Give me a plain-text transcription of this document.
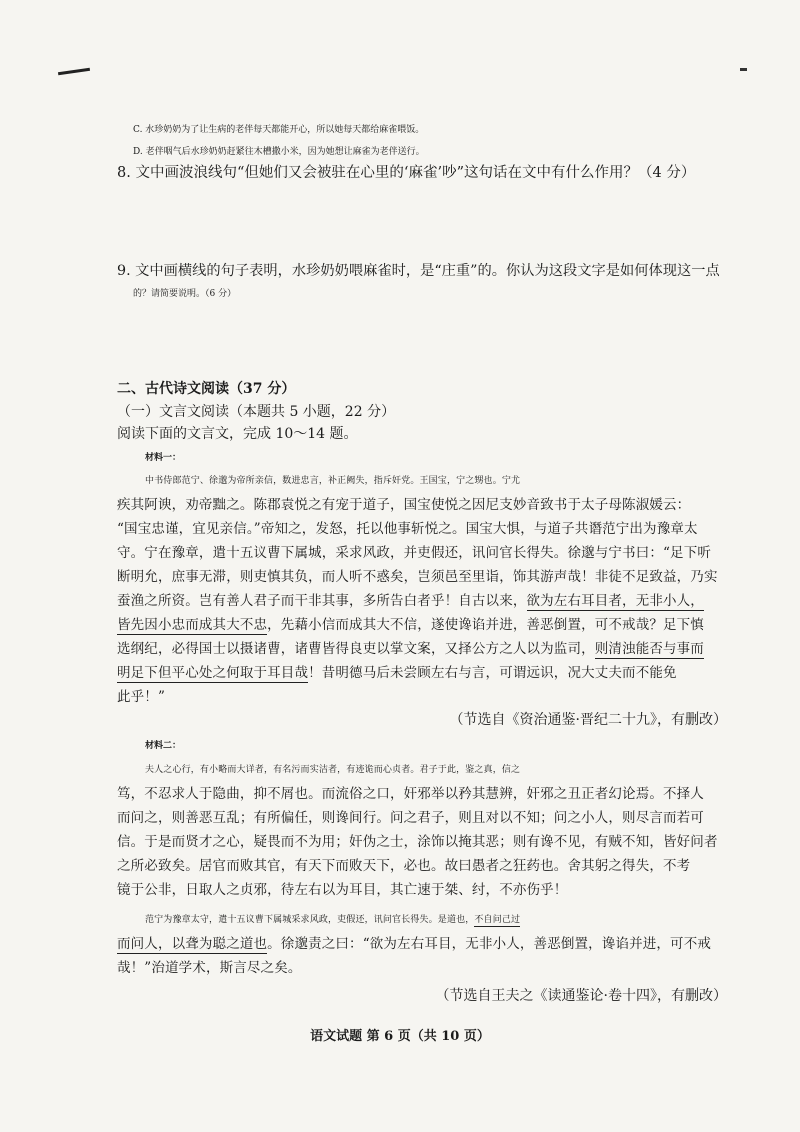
C. 水珍奶奶为了让生病的老伴每天都能开心，所以她每天都给麻雀喂饭。
D. 老伴咽气后水珍奶奶赶紧往木槽撒小米，因为她想让麻雀为老伴送行。
8. 文中画波浪线句“但她们又会被驻在心里的‘麻雀’吵”这句话在文中有什么作用？（4 分）
9. 文中画横线的句子表明，水珍奶奶喂麻雀时，是“庄重”的。你认为这段文字是如何体现这一点
的？请简要说明。（6 分）
二、古代诗文阅读（37 分）
（一）文言文阅读（本题共 5 小题，22 分）
阅读下面的文言文，完成 10～14 题。
材料一：
中书侍郎范宁、徐邈为帝所亲信，数进忠言，补正阙失，指斥奸党。王国宝，宁之甥也。宁尤
疾其阿谀，劝帝黜之。陈郡袁悦之有宠于道子，国宝使悦之因尼支妙音致书于太子母陈淑媛云：
“国宝忠谨，宜见亲信。”帝知之，发怒，托以他事斩悦之。国宝大惧，与道子共谮范宁出为豫章太
守。宁在豫章，遣十五议曹下属城，采求风政，并吏假还，讯问官长得失。徐邈与宁书曰：“足下听
断明允，庶事无滞，则吏慎其负，而人听不惑矣，岂须邑至里诣，饰其游声哉！非徒不足致益，乃实
蚕渔之所资。岂有善人君子而干非其事，多所告白者乎！自古以来，欲为左右耳目者，无非小人，
皆先因小忠而成其大不忠，先藉小信而成其大不信，遂使谗谄并进，善恶倒置，可不戒哉？足下慎
选纲纪，必得国士以摄诸曹，诸曹皆得良吏以掌文案，又择公方之人以为监司，则清浊能否与事而
明足下但平心处之何取于耳目哉！昔明德马后未尝顾左右与言，可谓远识，况大丈夫而不能免
此乎！”
（节选自《资治通鉴·晋纪二十九》，有删改）
材料二：
夫人之心行，有小略而大详者，有名污而实洁者，有迹诡而心贞者。君子于此，鉴之真，信之
笃，不忍求人于隐曲，抑不屑也。而流俗之口，奸邪举以矜其慧辨，奸邪之丑正者幻论焉。不择人
而问之，则善恶互乱；有所偏任，则谗间行。问之君子，则且对以不知；问之小人，则尽言而若可
信。于是而贤才之心，疑畏而不为用；奸伪之士，涂饰以掩其恶；则有谗不见，有贼不知，皆好问者
之所必致矣。居官而败其官，有天下而败天下，必也。故曰愚者之狂药也。舍其躬之得失，不考
镜于公非，日取人之贞邪，待左右以为耳目，其亡速于桀、纣，不亦伤乎！
范宁为豫章太守，遣十五议曹下属城采求风政，吏假还，讯问官长得失。是道也，不自问己过
而问人，以聋为聪之道也。徐邈责之曰：“欲为左右耳目，无非小人，善恶倒置，谗谄并进，可不戒
哉！”治道学术，斯言尽之矣。
（节选自王夫之《读通鉴论·卷十四》，有删改）
语文试题 第 6 页（共 10 页）
